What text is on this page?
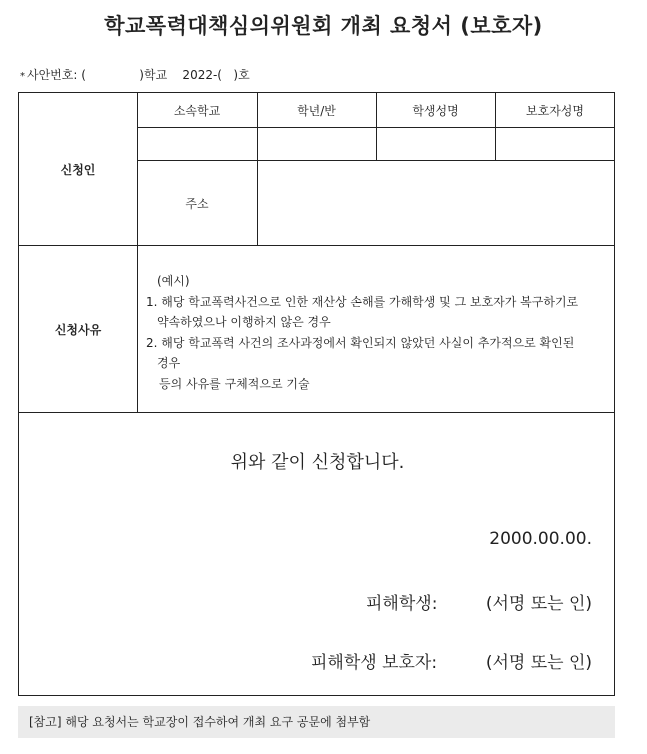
학교폭력대책심의위원회 개최 요청서 (보호자)
* 사안번호: (              )학교    2022-(   )호
신청인
소속학교	학년/반	학생성명	보호자성명
주소
신청사유
(예시)
1. 해당 학교폭력사건으로 인한 재산상 손해를 가해학생 및 그 보호자가 복구하기로
약속하였으나 이행하지 않은 경우
2. 해당 학교폭력 사건의 조사과정에서 확인되지 않았던 사실이 추가적으로 확인된
경우
등의 사유를 구체적으로 기술
위와 같이 신청합니다.
2000.00.00.
피해학생:	(서명 또는 인)
피해학생 보호자:	(서명 또는 인)
[참고] 해당 요청서는 학교장이 접수하여 개최 요구 공문에 첨부함
